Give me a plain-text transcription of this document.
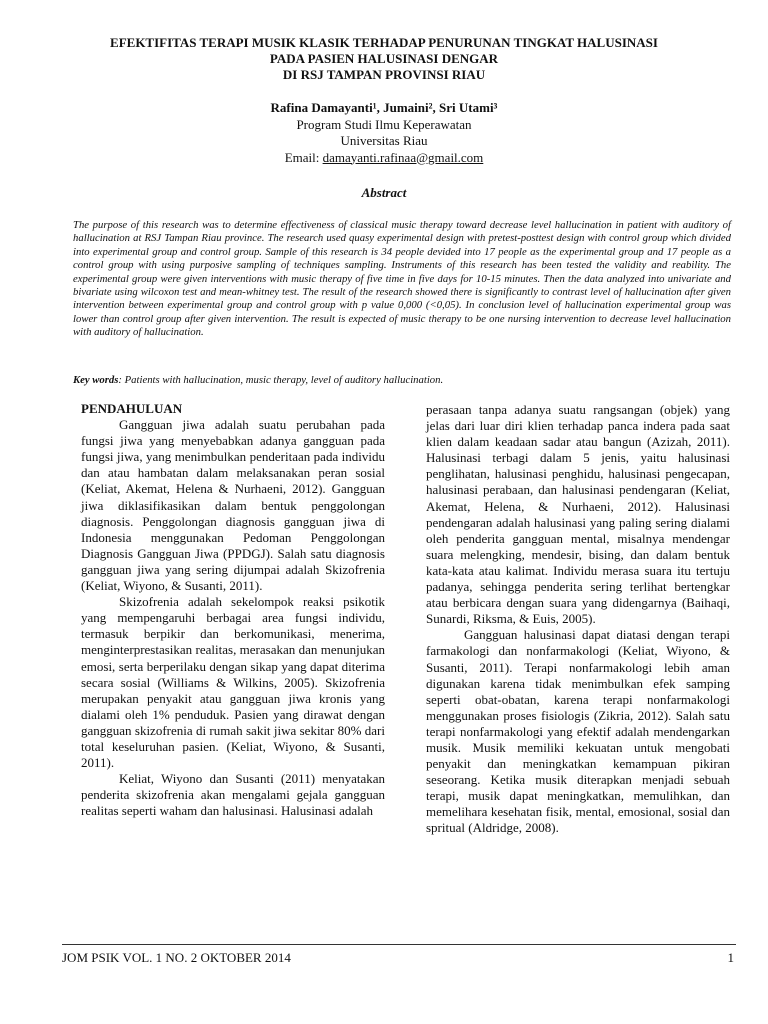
EFEKTIFITAS TERAPI MUSIK KLASIK TERHADAP PENURUNAN TINGKAT HALUSINASI
PADA PASIEN HALUSINASI DENGAR
DI RSJ TAMPAN PROVINSI RIAU
Rafina Damayanti¹, Jumaini², Sri Utami³
Program Studi Ilmu Keperawatan
Universitas Riau
Email: damayanti.rafinaa@gmail.com
Abstract
The purpose of this research was to determine effectiveness of classical music therapy toward decrease level hallucination in patient with auditory of hallucination at RSJ Tampan Riau province. The research used quasy experimental design with pretest-posttest design with control group which divided into experimental group and control group. Sample of this research is 34 people devided into 17 people as the experimental group and 17 people as a control group with using purposive sampling of techniques sampling. Instruments of this research has been tested the validity and reability. The experimental group were given interventions with music therapy of five time in five days for 10-15 minutes. Then the data analyzed into univariate and bivariate using wilcoxon test and mean-whitney test. The result of the research showed there is significantly to contrast level of hallucination after given intervention between experimental group and control group with p value 0,000 (<0,05). In conclusion level of hallucination experimental group was lower than control group after given intervention. The result is expected of music therapy to be one nursing intervention to decrease level hallucination with auditory of hallucination.
Key words: Patients with hallucination, music therapy, level of auditory hallucination.
PENDAHULUAN

Gangguan jiwa adalah suatu perubahan pada fungsi jiwa yang menyebabkan adanya gangguan pada fungsi jiwa, yang menimbulkan penderitaan pada individu dan atau hambatan dalam melaksanakan peran sosial (Keliat, Akemat, Helena & Nurhaeni, 2012). Gangguan jiwa diklasifikasikan dalam bentuk penggolongan diagnosis. Penggolongan diagnosis gangguan jiwa di Indonesia menggunakan Pedoman Penggolongan Diagnosis Gangguan Jiwa (PPDGJ). Salah satu diagnosis gangguan jiwa yang sering dijumpai adalah Skizofrenia (Keliat, Wiyono, & Susanti, 2011).

Skizofrenia adalah sekelompok reaksi psikotik yang mempengaruhi berbagai area fungsi individu, termasuk berpikir dan berkomunikasi, menerima, menginterprestasikan realitas, merasakan dan menunjukan emosi, serta berperilaku dengan sikap yang dapat diterima secara sosial (Williams & Wilkins, 2005). Skizofrenia merupakan penyakit atau gangguan jiwa kronis yang dialami oleh 1% penduduk. Pasien yang dirawat dengan gangguan skizofrenia di rumah sakit jiwa sekitar 80% dari total keseluruhan pasien. (Keliat, Wiyono, & Susanti, 2011).

Keliat, Wiyono dan Susanti (2011) menyatakan penderita skizofrenia akan mengalami gejala gangguan realitas seperti waham dan halusinasi. Halusinasi adalah

perasaan tanpa adanya suatu rangsangan (objek) yang jelas dari luar diri klien terhadap panca indera pada saat klien dalam keadaan sadar atau bangun (Azizah, 2011). Halusinasi terbagi dalam 5 jenis, yaitu halusinasi penglihatan, halusinasi penghidu, halusinasi pengecapan, halusinasi perabaan, dan halusinasi pendengaran (Keliat, Akemat, Helena, & Nurhaeni, 2012). Halusinasi pendengaran adalah halusinasi yang paling sering dialami oleh penderita gangguan mental, misalnya mendengar suara melengking, mendesir, bising, dan dalam bentuk kata-kata atau kalimat. Individu merasa suara itu tertuju padanya, sehingga penderita sering terlihat bertengkar atau berbicara dengan suara yang didengarnya (Baihaqi, Sunardi, Riksma, & Euis, 2005).

Gangguan halusinasi dapat diatasi dengan terapi farmakologi dan nonfarmakologi (Keliat, Wiyono, & Susanti, 2011). Terapi nonfarmakologi lebih aman digunakan karena tidak menimbulkan efek samping seperti obat-obatan, karena terapi nonfarmakologi menggunakan proses fisiologis (Zikria, 2012). Salah satu terapi nonfarmakologi yang efektif adalah mendengarkan musik. Musik memiliki kekuatan untuk mengobati penyakit dan meningkatkan kemampuan pikiran seseorang. Ketika musik diterapkan menjadi sebuah terapi, musik dapat meningkatkan, memulihkan, dan memelihara kesehatan fisik, mental, emosional, sosial dan spritual (Aldridge, 2008).

JOM PSIK VOL. 1 NO. 2 OKTOBER 2014	1
